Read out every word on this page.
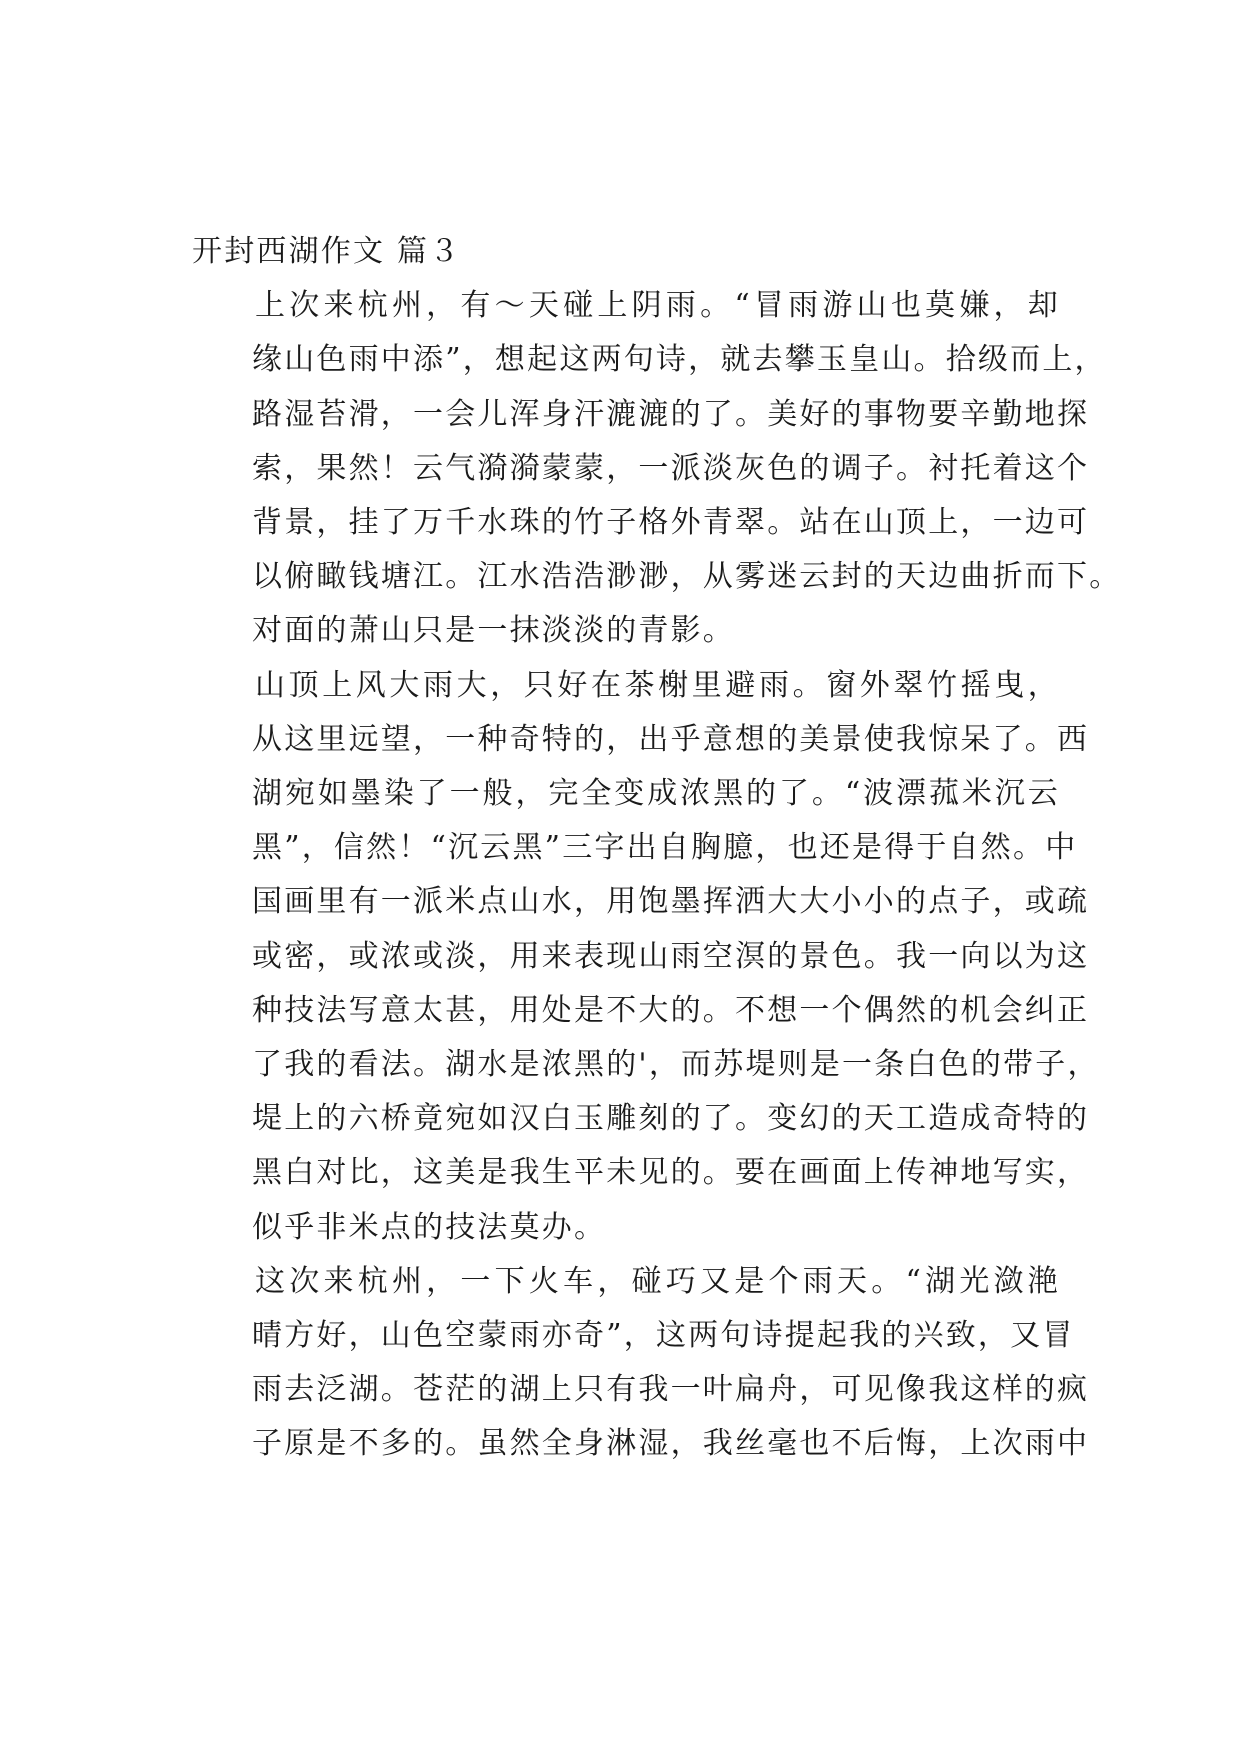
开封西湖作文 篇３
上次来杭州，有～天碰上阴雨。“冒雨游山也莫嫌，却
缘山色雨中添”，想起这两句诗，就去攀玉皇山。拾级而上，
路湿苔滑，一会儿浑身汗漉漉的了。美好的事物要辛勤地探
索，果然！云气漪漪蒙蒙，一派淡灰色的调子。衬托着这个
背景，挂了万千水珠的竹子格外青翠。站在山顶上，一边可
以俯瞰钱塘江。江水浩浩渺渺，从雾迷云封的天边曲折而下。
对面的萧山只是一抹淡淡的青影。
山顶上风大雨大，只好在茶榭里避雨。窗外翠竹摇曳，
从这里远望，一种奇特的，出乎意想的美景使我惊呆了。西
湖宛如墨染了一般，完全变成浓黑的了。“波漂菰米沉云
黑”，信然！“沉云黑”三字出自胸臆，也还是得于自然。中
国画里有一派米点山水，用饱墨挥洒大大小小的点子，或疏
或密，或浓或淡，用来表现山雨空溟的景色。我一向以为这
种技法写意太甚，用处是不大的。不想一个偶然的机会纠正
了我的看法。湖水是浓黑的'，而苏堤则是一条白色的带子，
堤上的六桥竟宛如汉白玉雕刻的了。变幻的天工造成奇特的
黑白对比，这美是我生平未见的。要在画面上传神地写实，
似乎非米点的技法莫办。
这次来杭州，一下火车，碰巧又是个雨天。“湖光潋滟
晴方好，山色空蒙雨亦奇”，这两句诗提起我的兴致，又冒
雨去泛湖。苍茫的湖上只有我一叶扁舟，可见像我这样的疯
子原是不多的。虽然全身淋湿，我丝毫也不后悔，上次雨中
